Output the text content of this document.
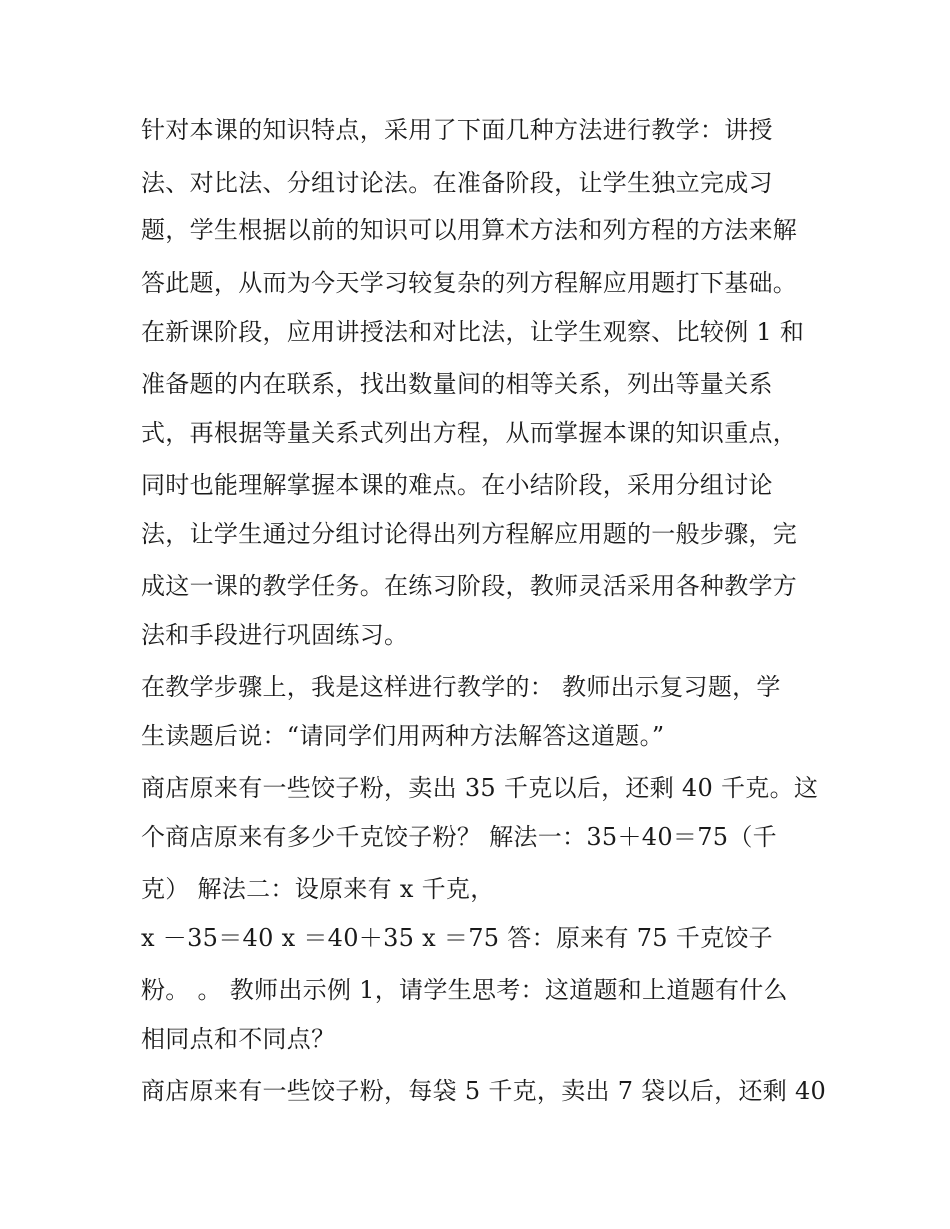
针对本课的知识特点，采用了下面几种方法进行教学：讲授
法、对比法、分组讨论法。在准备阶段，让学生独立完成习
题，学生根据以前的知识可以用算术方法和列方程的方法来解
答此题，从而为今天学习较复杂的列方程解应用题打下基础。
在新课阶段，应用讲授法和对比法，让学生观察、比较例 1 和
准备题的内在联系，找出数量间的相等关系，列出等量关系
式，再根据等量关系式列出方程，从而掌握本课的知识重点，
同时也能理解掌握本课的难点。在小结阶段，采用分组讨论
法，让学生通过分组讨论得出列方程解应用题的一般步骤，完
成这一课的教学任务。在练习阶段，教师灵活采用各种教学方
法和手段进行巩固练习。
在教学步骤上，我是这样进行教学的： 教师出示复习题，学
生读题后说：“请同学们用两种方法解答这道题。”
商店原来有一些饺子粉，卖出 35 千克以后，还剩 40 千克。这
个商店原来有多少千克饺子粉？ 解法一：35＋40＝75（千
克） 解法二：设原来有 x 千克，
x －35＝40 x ＝40＋35 x ＝75 答：原来有 75 千克饺子
粉。 。 教师出示例 1，请学生思考：这道题和上道题有什么
相同点和不同点？
商店原来有一些饺子粉，每袋 5 千克，卖出 7 袋以后，还剩 40
